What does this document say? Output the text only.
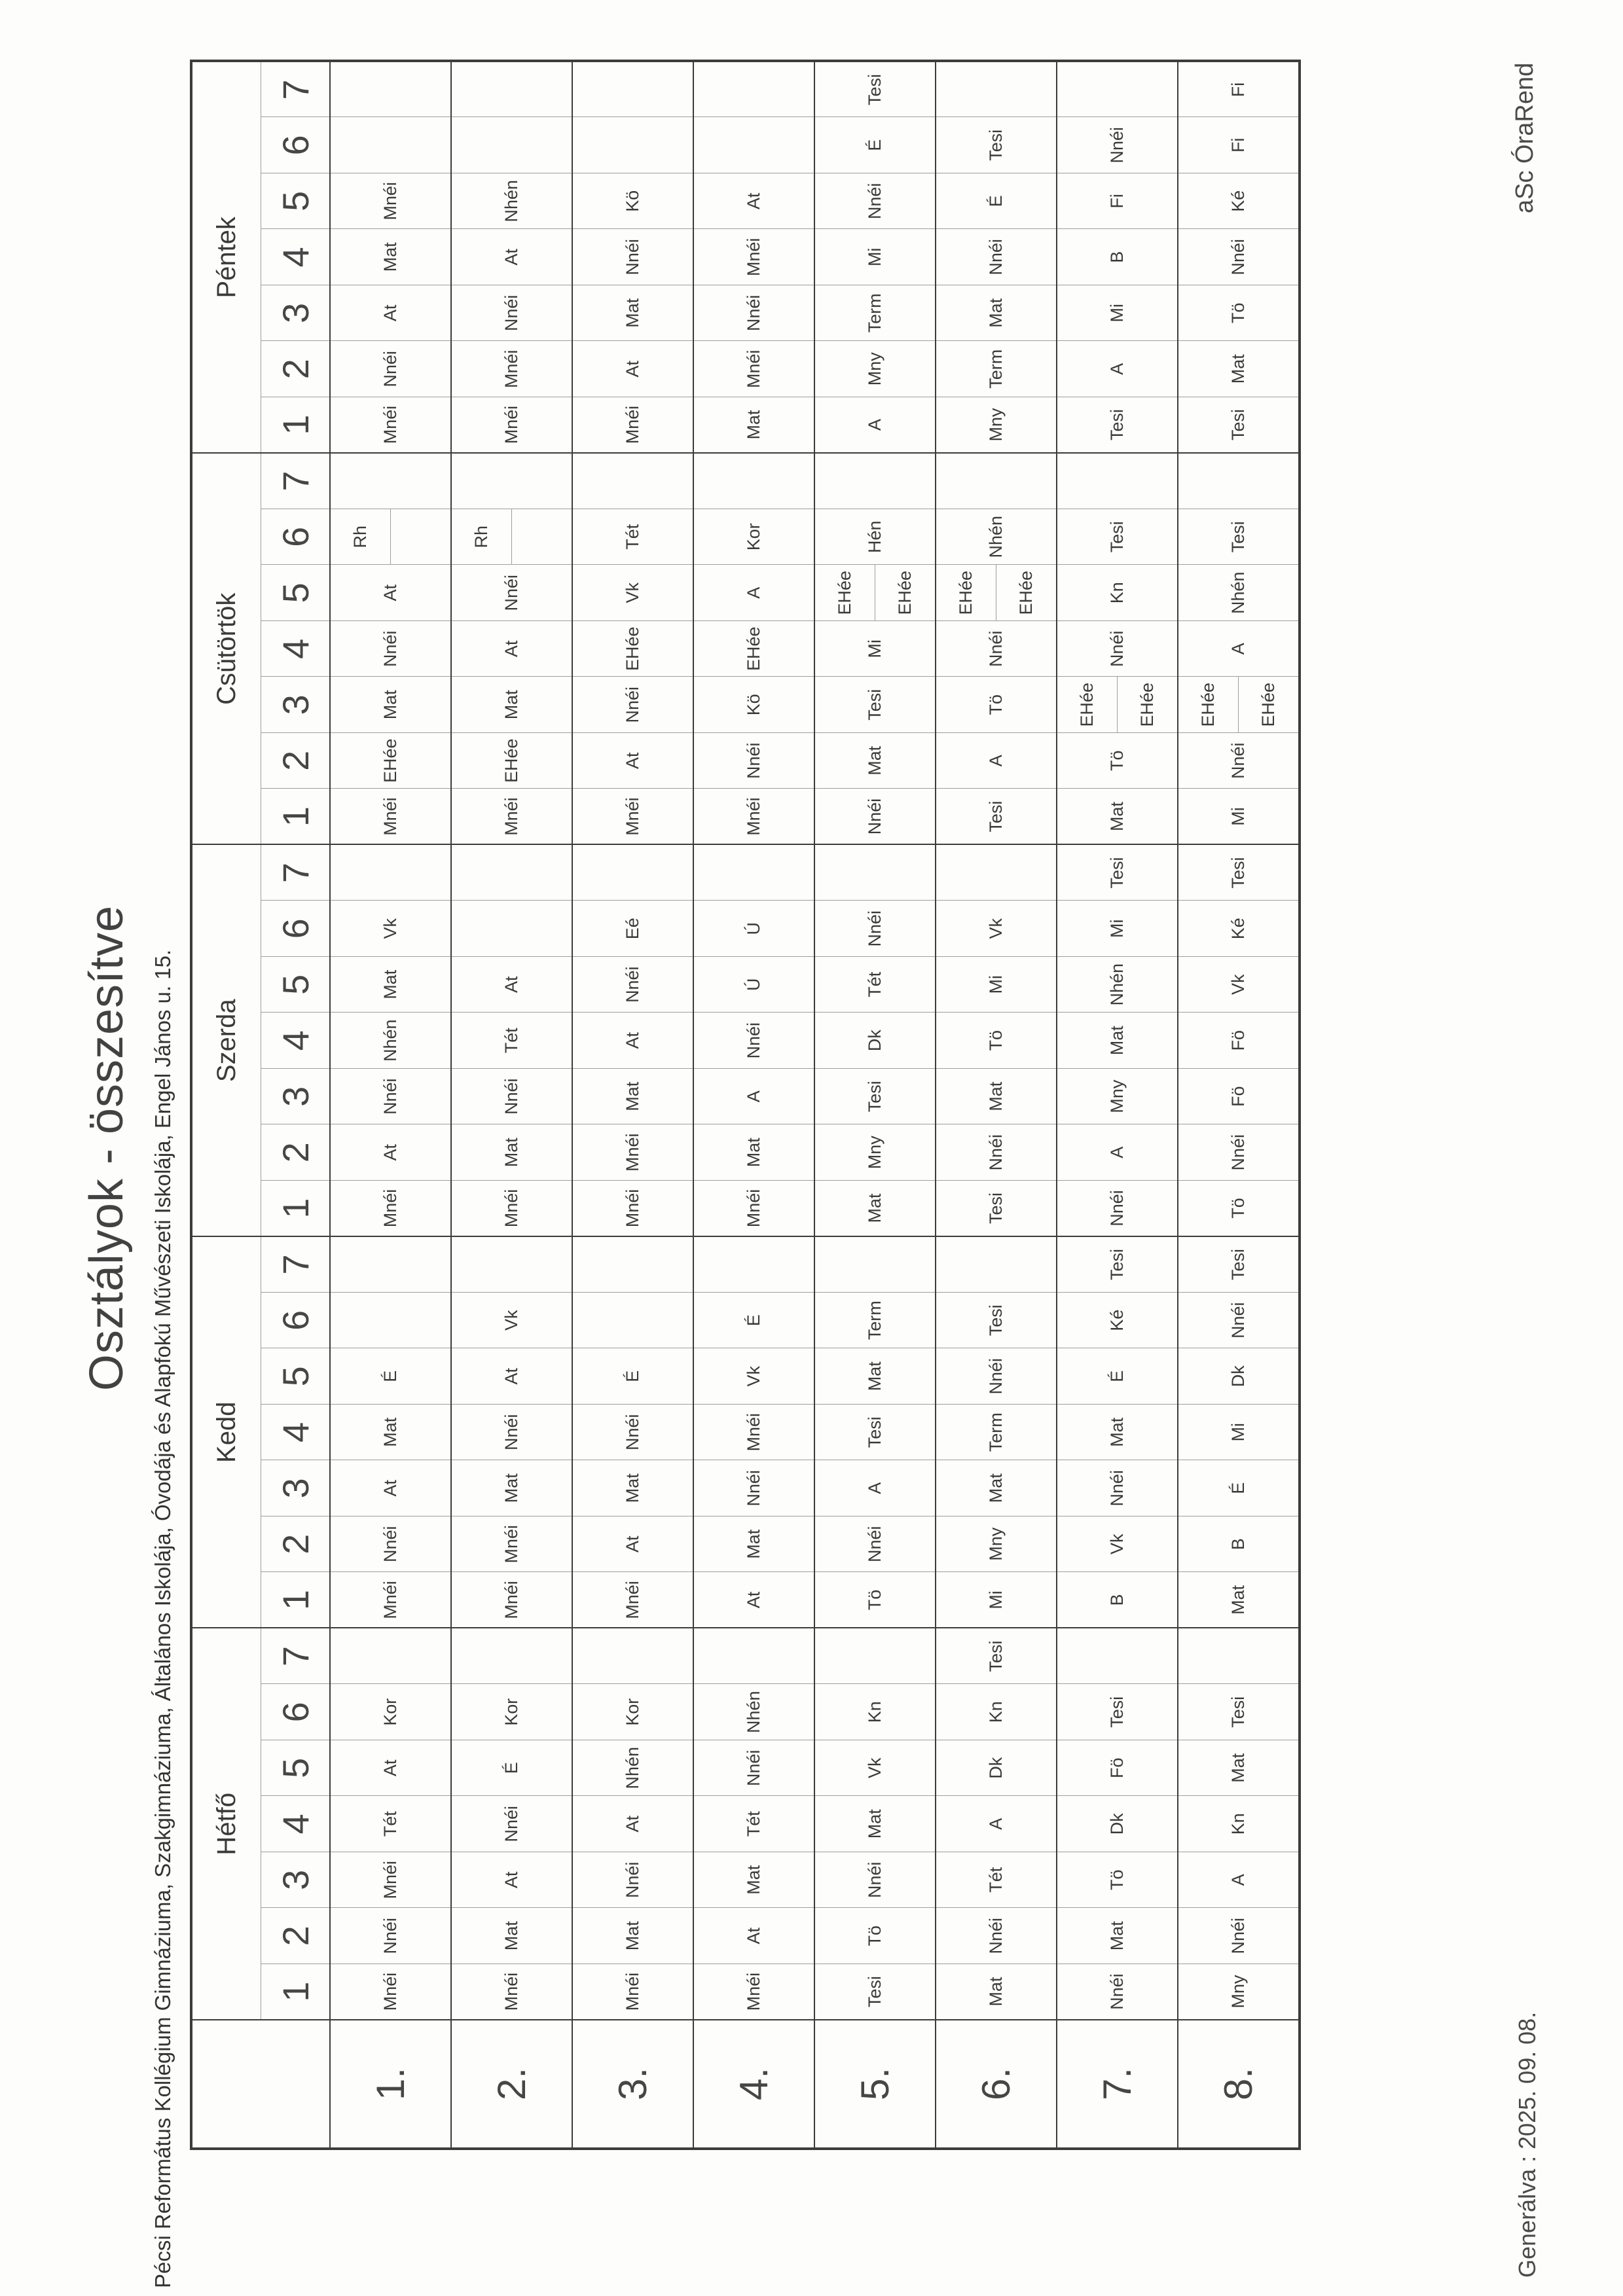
Osztályok - összesítve Pécsi Református Kollégium Gimnáziuma, Szakgimnáziuma, Általános Iskolája, Óvodája és Alapfokú Művészeti Iskolája, Engel János u. 15.
	Hétfő							Kedd							Szerda							Csütörtök							Péntek						
	1	2	3	4	5	6	7	1	2	3	4	5	6	7	1	2	3	4	5	6	7	1	2	3	4	5	6	7	1	2	3	4	5	6	7
1.	Mnéi	Nnéi	Mnéi	Tét	At	Kor		Mnéi	Nnéi	At	Mat	É			Mnéi	At	Nnéi	Nhén	Mat	Vk		Mnéi	EHée	Mat	Nnéi	At	Rh		Mnéi	Nnéi	At	Mat	Mnéi		
2.	Mnéi	Mat	At	Nnéi	É	Kor		Mnéi	Mnéi	Mat	Nnéi	At	Vk		Mnéi	Mat	Nnéi	Tét	At			Mnéi	EHée	Mat	At	Nnéi	Rh		Mnéi	Mnéi	Nnéi	At	Nhén		
3.	Mnéi	Mat	Nnéi	At	Nhén	Kor		Mnéi	At	Mat	Nnéi	É			Mnéi	Mnéi	Mat	At	Nnéi	Eé		Mnéi	At	Nnéi	EHée	Vk	Tét		Mnéi	At	Mat	Nnéi	Kö		
4.	Mnéi	At	Mat	Tét	Nnéi	Nhén		At	Mat	Nnéi	Mnéi	Vk	É		Mnéi	Mat	A	Nnéi	Ú	Ú		Mnéi	Nnéi	Kö	EHée	A	Kor		Mat	Mnéi	Nnéi	Mnéi	At		
5.	Tesi	Tö	Nnéi	Mat	Vk	Kn		Tö	Nnéi	A	Tesi	Mat	Term		Mat	Mny	Tesi	Dk	Tét	Nnéi		Nnéi	Mat	Tesi	Mi	EHée EHée	Hén		A	Mny	Term	Mi	Nnéi	É	Tesi
6.	Mat	Nnéi	Tét	A	Dk	Kn	Tesi	Mi	Mny	Mat	Term	Nnéi	Tesi		Tesi	Nnéi	Mat	Tö	Mi	Vk		Tesi	A	Tö	Nnéi	EHée EHée	Nhén		Mny	Term	Mat	Nnéi	É	Tesi	
7.	Nnéi	Mat	Tö	Dk	Fö	Tesi		B	Vk	Nnéi	Mat	É	Ké	Tesi	Nnéi	A	Mny	Mat	Nhén	Mi	Tesi	Mat	Tö	EHée EHée	Nnéi	Kn	Tesi		Tesi	A	Mi	B	Fi	Nnéi	
8.	Mny	Nnéi	A	Kn	Mat	Tesi		Mat	B	É	Mi	Dk	Nnéi	Tesi	Tö	Nnéi	Fö	Fö	Vk	Ké	Tesi	Mi	Nnéi	EHée EHée	A	Nhén	Tesi		Tesi	Mat	Tö	Nnéi	Ké	Fi	Fi
Generálva : 2025. 09. 08.
aSc ÓraRend
